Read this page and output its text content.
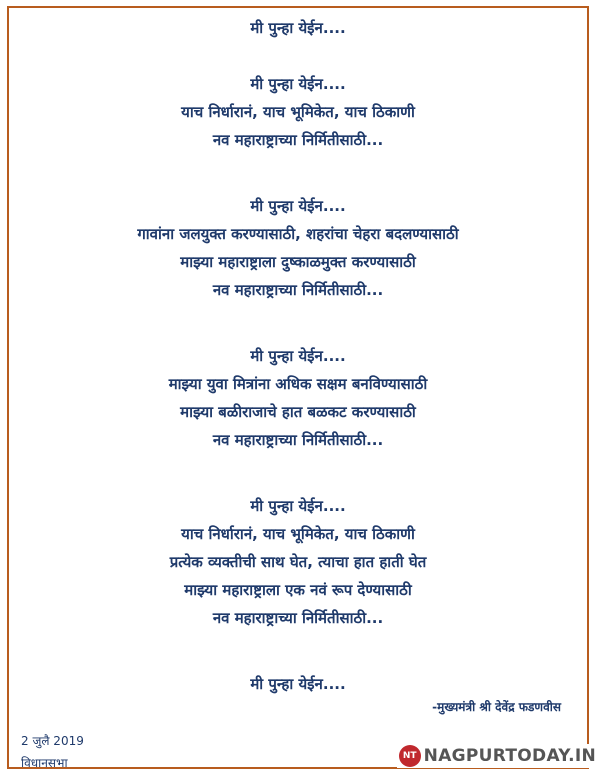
मी पुन्हा येईन....
मी पुन्हा येईन....
याच निर्धारानं, याच भूमिकेत, याच ठिकाणी
नव महाराष्ट्राच्या निर्मितीसाठी...
मी पुन्हा येईन....
गावांना जलयुक्त करण्यासाठी, शहरांचा चेहरा बदलण्यासाठी
माझ्या महाराष्ट्राला दुष्काळमुक्त करण्यासाठी
नव महाराष्ट्राच्या निर्मितीसाठी...
मी पुन्हा येईन....
माझ्या युवा मित्रांना अधिक सक्षम बनविण्यासाठी
माझ्या बळीराजाचे हात बळकट करण्यासाठी
नव महाराष्ट्राच्या निर्मितीसाठी...
मी पुन्हा येईन....
याच निर्धारानं, याच भूमिकेत, याच ठिकाणी
प्रत्येक व्यक्तीची साथ घेत, त्याचा हात हाती घेत
माझ्या महाराष्ट्राला एक नवं रूप देण्यासाठी
नव महाराष्ट्राच्या निर्मितीसाठी...
मी पुन्हा येईन....
-मुख्यमंत्री श्री देवेंद्र फडणवीस
2 जुलै 2019
विधानसभा	NT NAGPURTODAY.IN
